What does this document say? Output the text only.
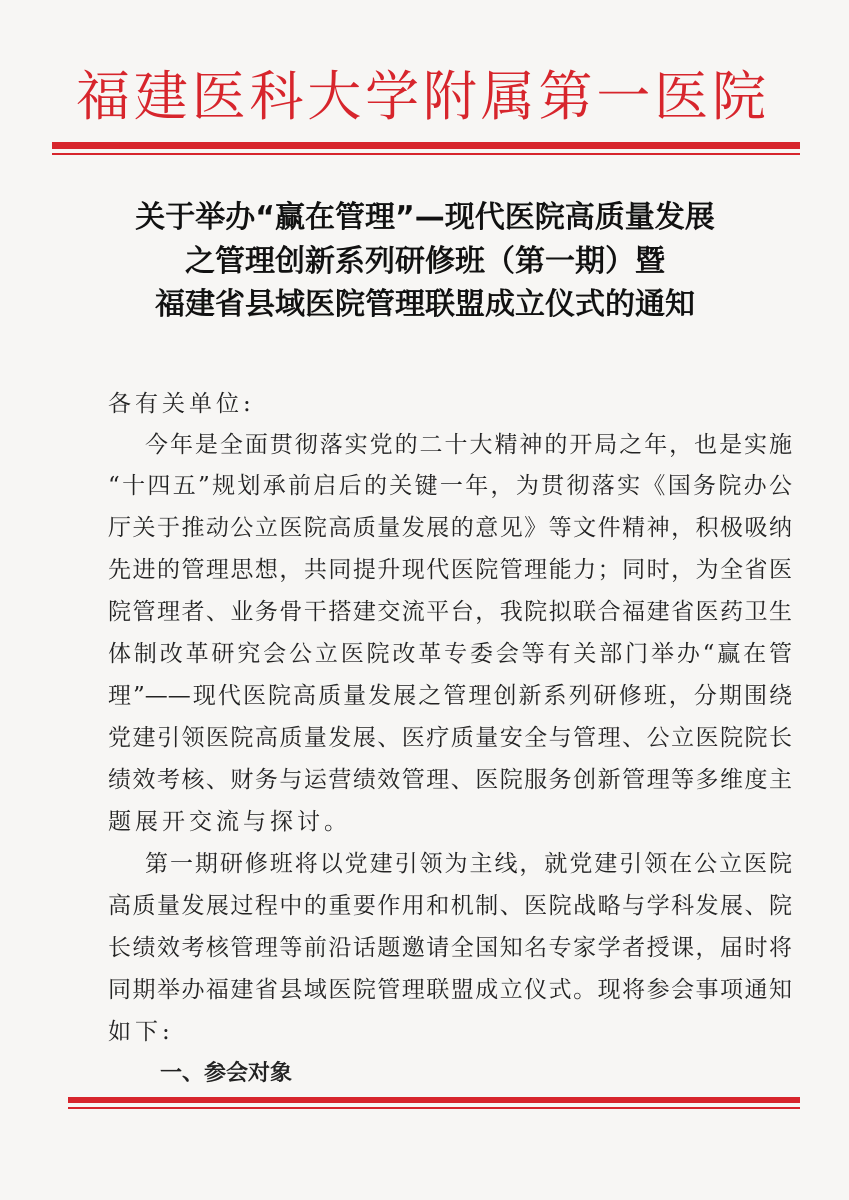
福建医科大学附属第一医院
关于举办“赢在管理”—现代医院高质量发展
之管理创新系列研修班（第一期）暨
福建省县域医院管理联盟成立仪式的通知
各有关单位:
今年是全面贯彻落实党的二十大精神的开局之年，也是实施
“十四五”规划承前启后的关键一年，为贯彻落实《国务院办公
厅关于推动公立医院高质量发展的意见》等文件精神，积极吸纳
先进的管理思想，共同提升现代医院管理能力；同时，为全省医
院管理者、业务骨干搭建交流平台，我院拟联合福建省医药卫生
体制改革研究会公立医院改革专委会等有关部门举办“赢在管
理”——现代医院高质量发展之管理创新系列研修班，分期围绕
党建引领医院高质量发展、医疗质量安全与管理、公立医院院长
绩效考核、财务与运营绩效管理、医院服务创新管理等多维度主
题展开交流与探讨。
第一期研修班将以党建引领为主线，就党建引领在公立医院
高质量发展过程中的重要作用和机制、医院战略与学科发展、院
长绩效考核管理等前沿话题邀请全国知名专家学者授课，届时将
同期举办福建省县域医院管理联盟成立仪式。现将参会事项通知
如下:
一、参会对象
